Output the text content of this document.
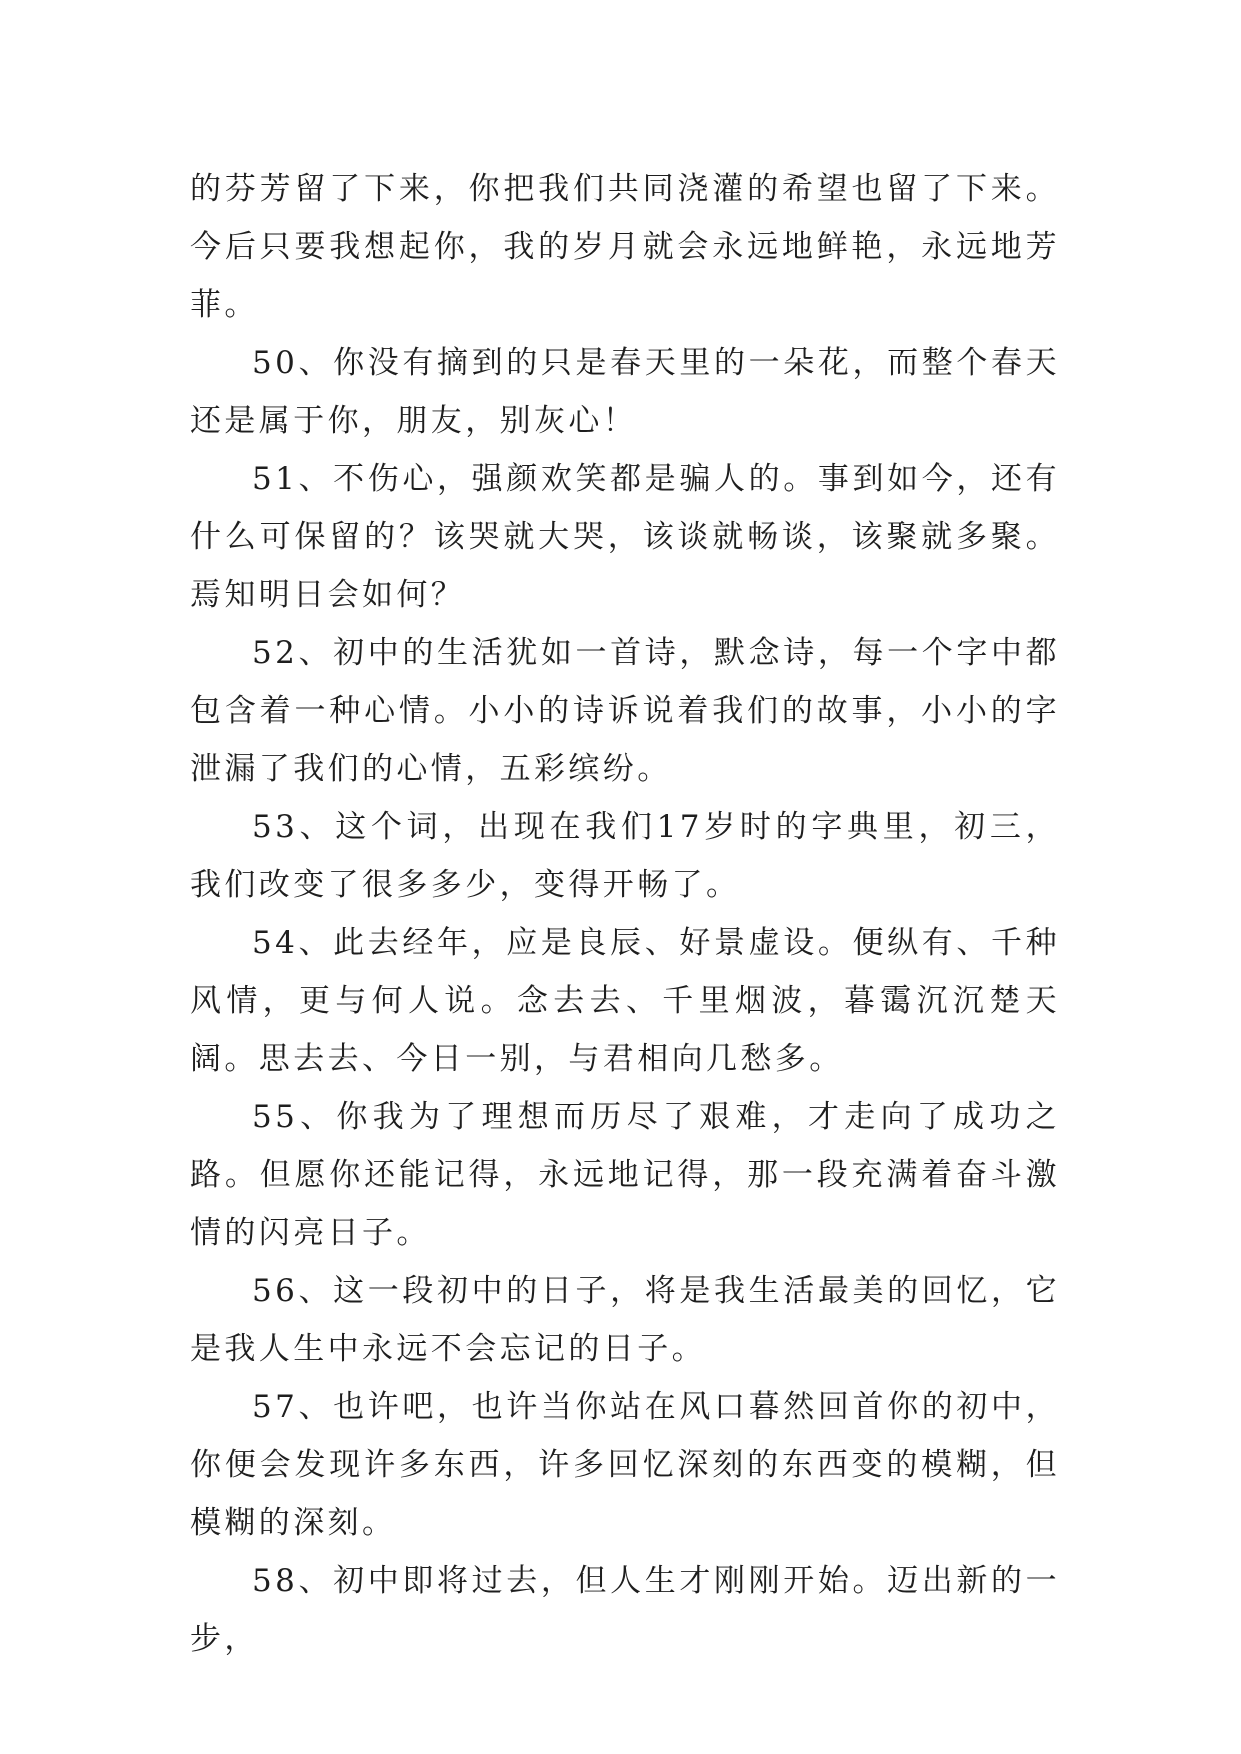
的芬芳留了下来，你把我们共同浇灌的希望也留了下来。今后只要我想起你，我的岁月就会永远地鲜艳，永远地芳菲。

50、你没有摘到的只是春天里的一朵花，而整个春天还是属于你，朋友，别灰心！

51、不伤心，强颜欢笑都是骗人的。事到如今，还有什么可保留的？该哭就大哭，该谈就畅谈，该聚就多聚。焉知明日会如何？

52、初中的生活犹如一首诗，默念诗，每一个字中都包含着一种心情。小小的诗诉说着我们的故事，小小的字泄漏了我们的心情，五彩缤纷。

53、这个词，出现在我们17岁时的字典里，初三，我们改变了很多多少，变得开畅了。

54、此去经年，应是良辰、好景虚设。便纵有、千种风情，更与何人说。念去去、千里烟波，暮霭沉沉楚天阔。思去去、今日一别，与君相向几愁多。

55、你我为了理想而历尽了艰难，才走向了成功之路。但愿你还能记得，永远地记得，那一段充满着奋斗激情的闪亮日子。

56、这一段初中的日子，将是我生活最美的回忆，它是我人生中永远不会忘记的日子。

57、也许吧，也许当你站在风口暮然回首你的初中，你便会发现许多东西，许多回忆深刻的东西变的模糊，但模糊的深刻。

58、初中即将过去，但人生才刚刚开始。迈出新的一步，
